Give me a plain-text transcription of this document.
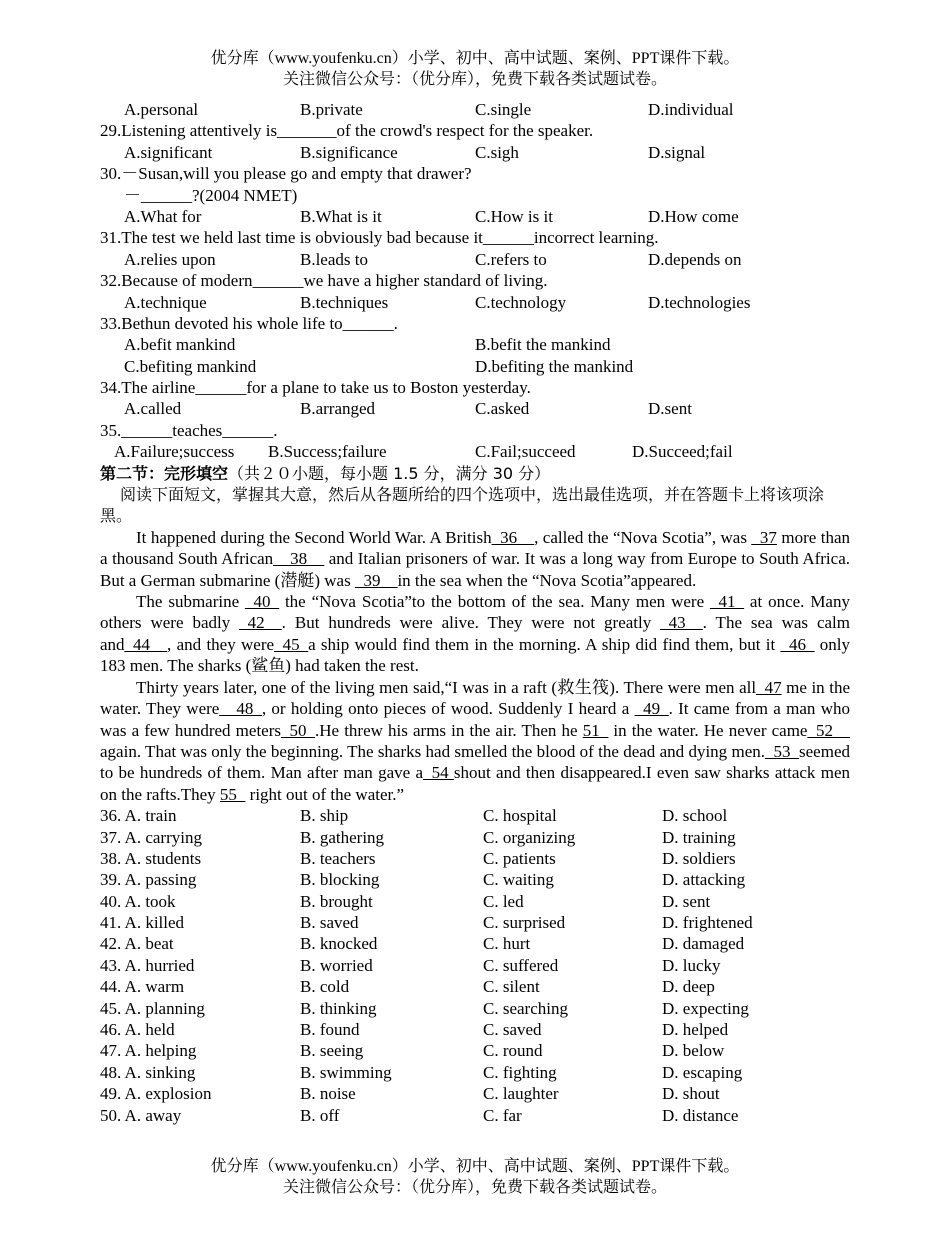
优分库（www.youfenku.cn）小学、初中、高中试题、案例、PPT课件下载。
关注微信公众号：（优分库），免费下载各类试题试卷。
A.personal	B.private	C.single	D.individual
29.Listening attentively is_______of the crowd's respect for the speaker.
A.significant	B.significance	C.sigh	D.signal
30.－Susan,will you please go and empty that drawer?
－______?(2004 NMET)
A.What for	B.What is it	C.How is it	D.How come
31.The test we held last time is obviously bad because it______incorrect learning.
A.relies upon	B.leads to	C.refers to	D.depends on
32.Because of modern______we have a higher standard of living.
A.technique	B.techniques	C.technology	D.technologies
33.Bethun devoted his whole life to______.
A.befit mankind	B.befit the mankind
C.befiting mankind	D.befiting the mankind
34.The airline______for a plane to take us to Boston yesterday.
A.called	B.arranged	C.asked	D.sent
35.______teaches______.
A.Failure;success B.Success;failure	C.Fail;succeed	D.Succeed;fail
第二节：完形填空（共２０小题，每小题 1.5 分，满分 30 分）
阅读下面短文，掌握其大意，然后从各题所给的四个选项中，选出最佳选项，并在答题卡上将该项涂黑。
It happened during the Second World War. A British_36__, called the “Nova Scotia”, was _37 more than a thousand South African__38__ and Italian prisoners of war. It was a long way from Europe to South Africa. But a German submarine (潜艇) was _39__in the sea when the “Nova Scotia”appeared.
The submarine _40_ the “Nova Scotia”to the bottom of the sea. Many men were _41_ at once. Many others were badly _42__. But hundreds were alive. They were not greatly _43__. The sea was calm and_44__, and they were_45_a ship would find them in the morning. A ship did find them, but it _46_ only 183 men. The sharks (鲨鱼) had taken the rest.
Thirty years later, one of the living men said,“I was in a raft (救生筏). There were men all_47 me in the water. They were__48_, or holding onto pieces of wood. Suddenly I heard a _49_. It came from a man who was a few hundred meters_50_.He threw his arms in the air. Then he 51_ in the water. He never came_52__ again. That was only the beginning. The sharks had smelled the blood of the dead and dying men._53_seemed to be hundreds of them. Man after man gave a_54 shout and then disappeared.I even saw sharks attack men on the rafts.They 55_ right out of the water.”
36. A. train	B. ship	C. hospital	D. school
37. A. carrying	B. gathering	C. organizing	D. training
38. A. students	B. teachers	C. patients	D. soldiers
39. A. passing	B. blocking	C. waiting	D. attacking
40. A. took	B. brought	C. led	D. sent
41. A. killed	B. saved	C. surprised	D. frightened
42. A. beat	B. knocked	C. hurt	D. damaged
43. A. hurried	B. worried	C. suffered	D. lucky
44. A. warm	B. cold	C. silent	D. deep
45. A. planning	B. thinking	C. searching	D. expecting
46. A. held	B. found	C. saved	D. helped
47. A. helping	B. seeing	C. round	D. below
48. A. sinking	B. swimming	C. fighting	D. escaping
49. A. explosion	B. noise	C. laughter	D. shout
50. A. away	B. off	C. far	D. distance
优分库（www.youfenku.cn）小学、初中、高中试题、案例、PPT课件下载。
关注微信公众号：（优分库），免费下载各类试题试卷。
